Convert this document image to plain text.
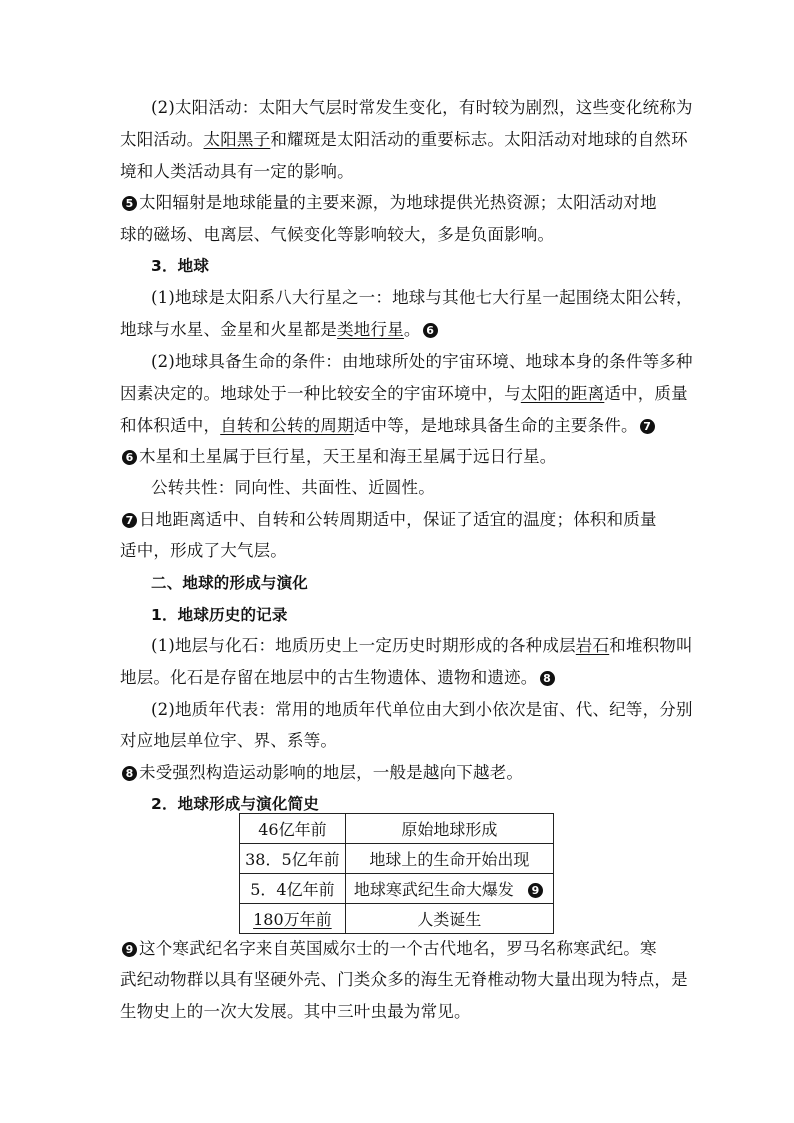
(2)太阳活动：太阳大气层时常发生变化，有时较为剧烈，这些变化统称为
太阳活动。太阳黑子和耀斑是太阳活动的重要标志。太阳活动对地球的自然环
境和人类活动具有一定的影响。
5 太阳辐射是地球能量的主要来源，为地球提供光热资源；太阳活动对地
球的磁场、电离层、气候变化等影响较大，多是负面影响。
3．地球
(1)地球是太阳系八大行星之一：地球与其他七大行星一起围绕太阳公转，
地球与水星、金星和火星都是类地行星。 6
(2)地球具备生命的条件：由地球所处的宇宙环境、地球本身的条件等多种
因素决定的。地球处于一种比较安全的宇宙环境中，与太阳的距离适中，质量
和体积适中，自转和公转的周期适中等，是地球具备生命的主要条件。 7
6 木星和土星属于巨行星，天王星和海王星属于远日行星。
公转共性：同向性、共面性、近圆性。
7 日地距离适中、自转和公转周期适中，保证了适宜的温度；体积和质量
适中，形成了大气层。
二、地球的形成与演化
1．地球历史的记录
(1)地层与化石：地质历史上一定历史时期形成的各种成层岩石和堆积物叫
地层。化石是存留在地层中的古生物遗体、遗物和遗迹。 8
(2)地质年代表：常用的地质年代单位由大到小依次是宙、代、纪等，分别
对应地层单位宇、界、系等。
8 未受强烈构造运动影响的地层，一般是越向下越老。
2．地球形成与演化简史
46亿年前	原始地球形成
38．5亿年前	地球上的生命开始出现
5．4亿年前	地球寒武纪生命大爆发 9
180万年前	人类诞生
9 这个寒武纪名字来自英国威尔士的一个古代地名，罗马名称寒武纪。寒
武纪动物群以具有坚硬外壳、门类众多的海生无脊椎动物大量出现为特点，是
生物史上的一次大发展。其中三叶虫最为常见。
